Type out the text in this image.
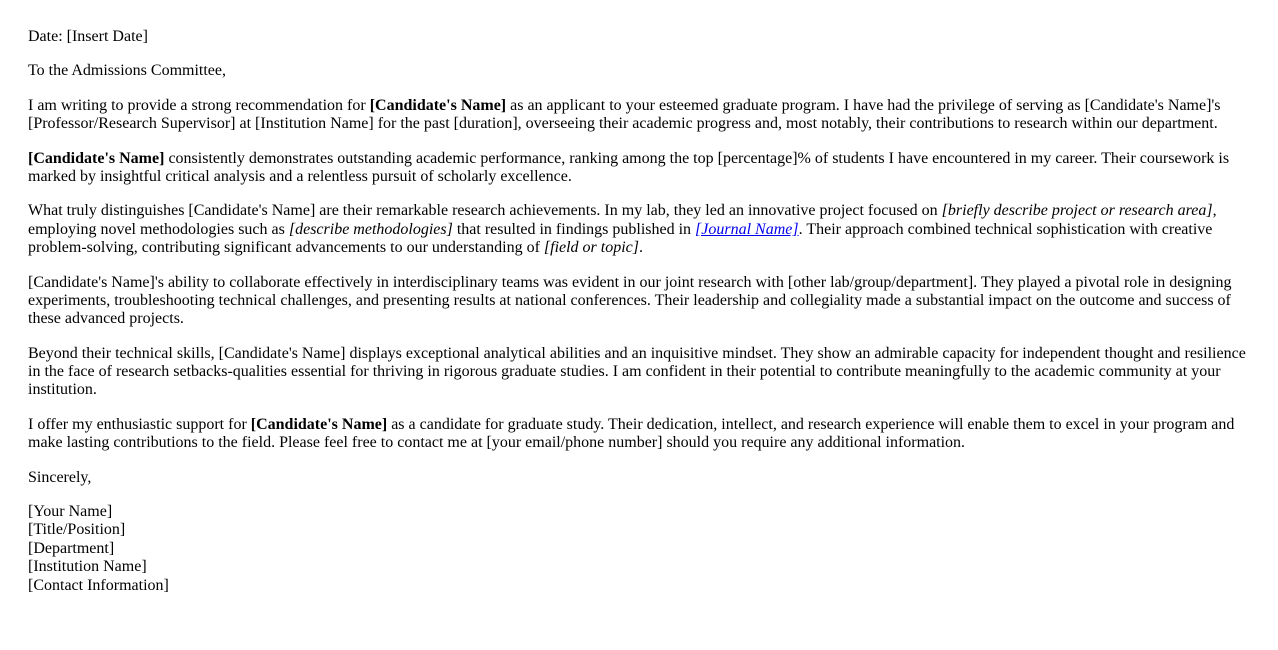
Date: [Insert Date]

To the Admissions Committee,

I am writing to provide a strong recommendation for [Candidate's Name] as an applicant to your esteemed graduate program. I have had the privilege of serving as [Candidate's Name]'s [Professor/Research Supervisor] at [Institution Name] for the past [duration], overseeing their academic progress and, most notably, their contributions to research within our department.

[Candidate's Name] consistently demonstrates outstanding academic performance, ranking among the top [percentage]% of students I have encountered in my career. Their coursework is marked by insightful critical analysis and a relentless pursuit of scholarly excellence.

What truly distinguishes [Candidate's Name] are their remarkable research achievements. In my lab, they led an innovative project focused on [briefly describe project or research area], employing novel methodologies such as [describe methodologies] that resulted in findings published in [Journal Name]. Their approach combined technical sophistication with creative problem-solving, contributing significant advancements to our understanding of [field or topic].

[Candidate's Name]'s ability to collaborate effectively in interdisciplinary teams was evident in our joint research with [other lab/group/department]. They played a pivotal role in designing experiments, troubleshooting technical challenges, and presenting results at national conferences. Their leadership and collegiality made a substantial impact on the outcome and success of these advanced projects.

Beyond their technical skills, [Candidate's Name] displays exceptional analytical abilities and an inquisitive mindset. They show an admirable capacity for independent thought and resilience in the face of research setbacks-qualities essential for thriving in rigorous graduate studies. I am confident in their potential to contribute meaningfully to the academic community at your institution.

I offer my enthusiastic support for [Candidate's Name] as a candidate for graduate study. Their dedication, intellect, and research experience will enable them to excel in your program and make lasting contributions to the field. Please feel free to contact me at [your email/phone number] should you require any additional information.

Sincerely,

[Your Name]
[Title/Position]
[Department]
[Institution Name]
[Contact Information]
